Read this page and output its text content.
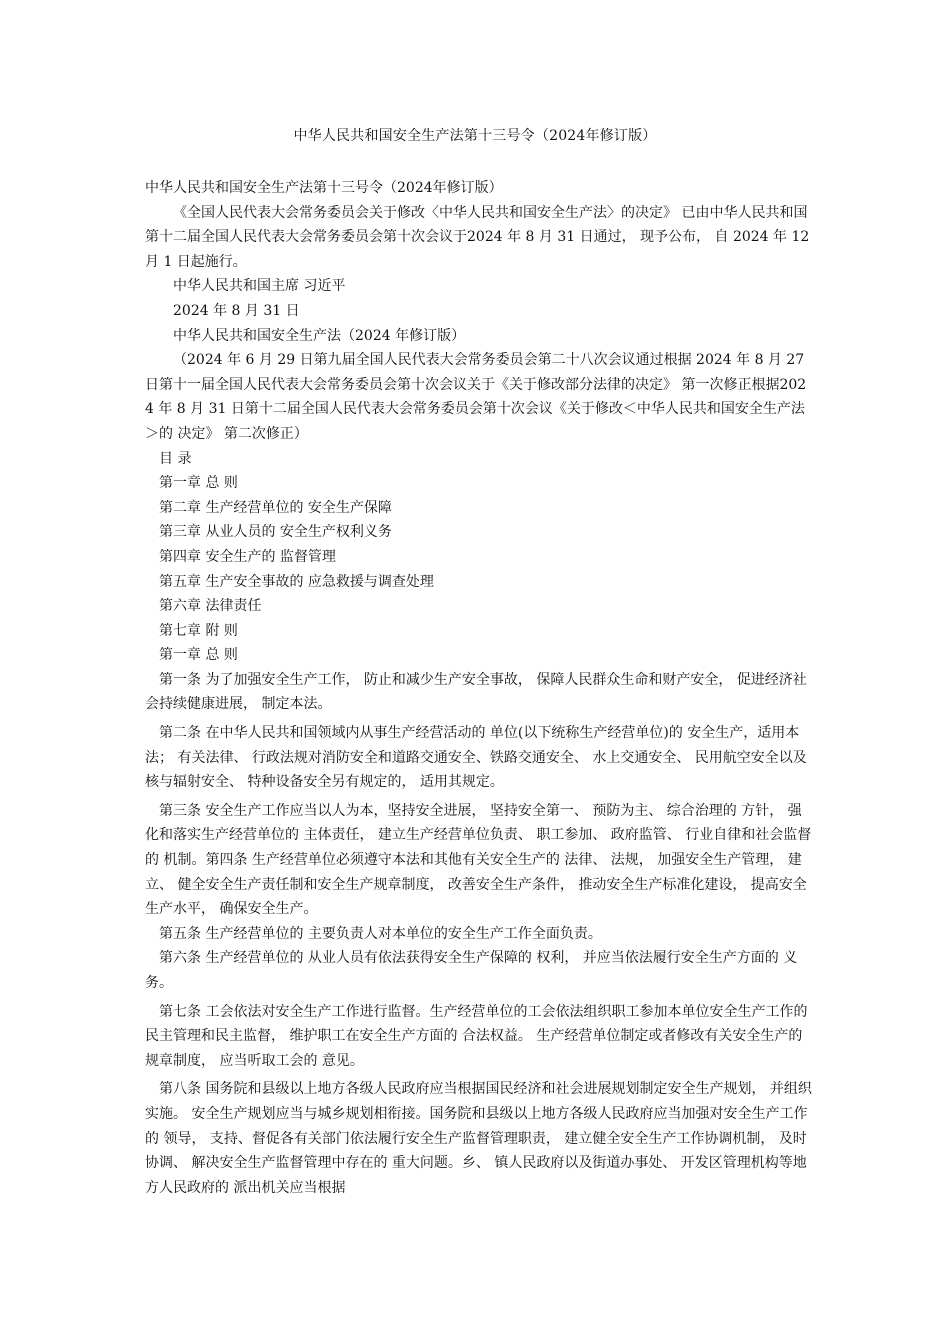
中华人民共和国安全生产法第十三号令（2024年修订版）

中华人民共和国安全生产法第十三号令（2024年修订版）

《全国人民代表大会常务委员会关于修改〈中华人民共和国安全生产法〉的决定》 已由中华人民共和国第十二届全国人民代表大会常务委员会第十次会议于2024 年 8 月 31 日通过， 现予公布， 自 2024 年 12 月 1 日起施行。

中华人民共和国主席 习近平

2024 年 8 月 31 日

中华人民共和国安全生产法（2024 年修订版）

（2024 年 6 月 29 日第九届全国人民代表大会常务委员会第二十八次会议通过根据 2024 年 8 月 27 日第十一届全国人民代表大会常务委员会第十次会议关于《关于修改部分法律的决定》 第一次修正根据2024 年 8 月 31 日第十二届全国人民代表大会常务委员会第十次会议《关于修改＜中华人民共和国安全生产法＞的 决定》 第二次修正）

目 录

第一章 总 则

第二章 生产经营单位的 安全生产保障

第三章 从业人员的 安全生产权利义务

第四章 安全生产的 监督管理

第五章 生产安全事故的 应急救援与调查处理

第六章 法律责任

第七章 附 则

第一章 总 则

第一条 为了加强安全生产工作， 防止和减少生产安全事故， 保障人民群众生命和财产安全， 促进经济社会持续健康进展， 制定本法。

第二条 在中华人民共和国领域内从事生产经营活动的 单位(以下统称生产经营单位)的 安全生产，适用本法； 有关法律、 行政法规对消防安全和道路交通安全、铁路交通安全、 水上交通安全、 民用航空安全以及核与辐射安全、 特种设备安全另有规定的， 适用其规定。

第三条 安全生产工作应当以人为本，坚持安全进展， 坚持安全第一、 预防为主、 综合治理的 方针， 强化和落实生产经营单位的 主体责任， 建立生产经营单位负责、 职工参加、 政府监管、 行业自律和社会监督的 机制。第四条 生产经营单位必须遵守本法和其他有关安全生产的 法律、 法规， 加强安全生产管理， 建立、 健全安全生产责任制和安全生产规章制度， 改善安全生产条件， 推动安全生产标准化建设， 提高安全生产水平， 确保安全生产。

第五条 生产经营单位的 主要负责人对本单位的安全生产工作全面负责。

第六条 生产经营单位的 从业人员有依法获得安全生产保障的 权利， 并应当依法履行安全生产方面的 义务。

第七条 工会依法对安全生产工作进行监督。生产经营单位的工会依法组织职工参加本单位安全生产工作的民主管理和民主监督， 维护职工在安全生产方面的 合法权益。 生产经营单位制定或者修改有关安全生产的 规章制度， 应当听取工会的 意见。

第八条 国务院和县级以上地方各级人民政府应当根据国民经济和社会进展规划制定安全生产规划， 并组织实施。 安全生产规划应当与城乡规划相衔接。国务院和县级以上地方各级人民政府应当加强对安全生产工作的 领导， 支持、督促各有关部门依法履行安全生产监督管理职责， 建立健全安全生产工作协调机制， 及时协调、 解决安全生产监督管理中存在的 重大问题。乡、 镇人民政府以及街道办事处、 开发区管理机构等地方人民政府的 派出机关应当根据
